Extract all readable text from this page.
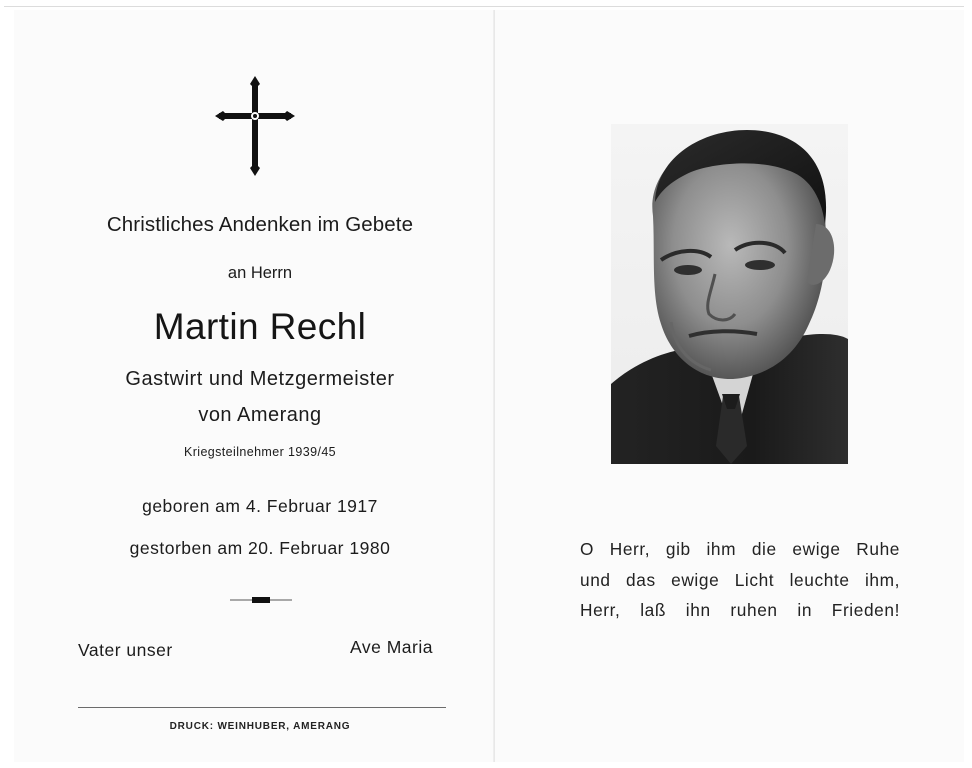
Christliches Andenken im Gebete
an Herrn
Martin Rechl
Gastwirt und Metzgermeister
von Amerang
Kriegsteilnehmer 1939/45
geboren am 4. Februar 1917
gestorben am 20. Februar 1980
Vater unser	Ave Maria
DRUCK: WEINHUBER, AMERANG
O Herr, gib ihm die ewige Ruhe
und das ewige Licht leuchte ihm,
Herr, laß ihn ruhen in Frieden!
